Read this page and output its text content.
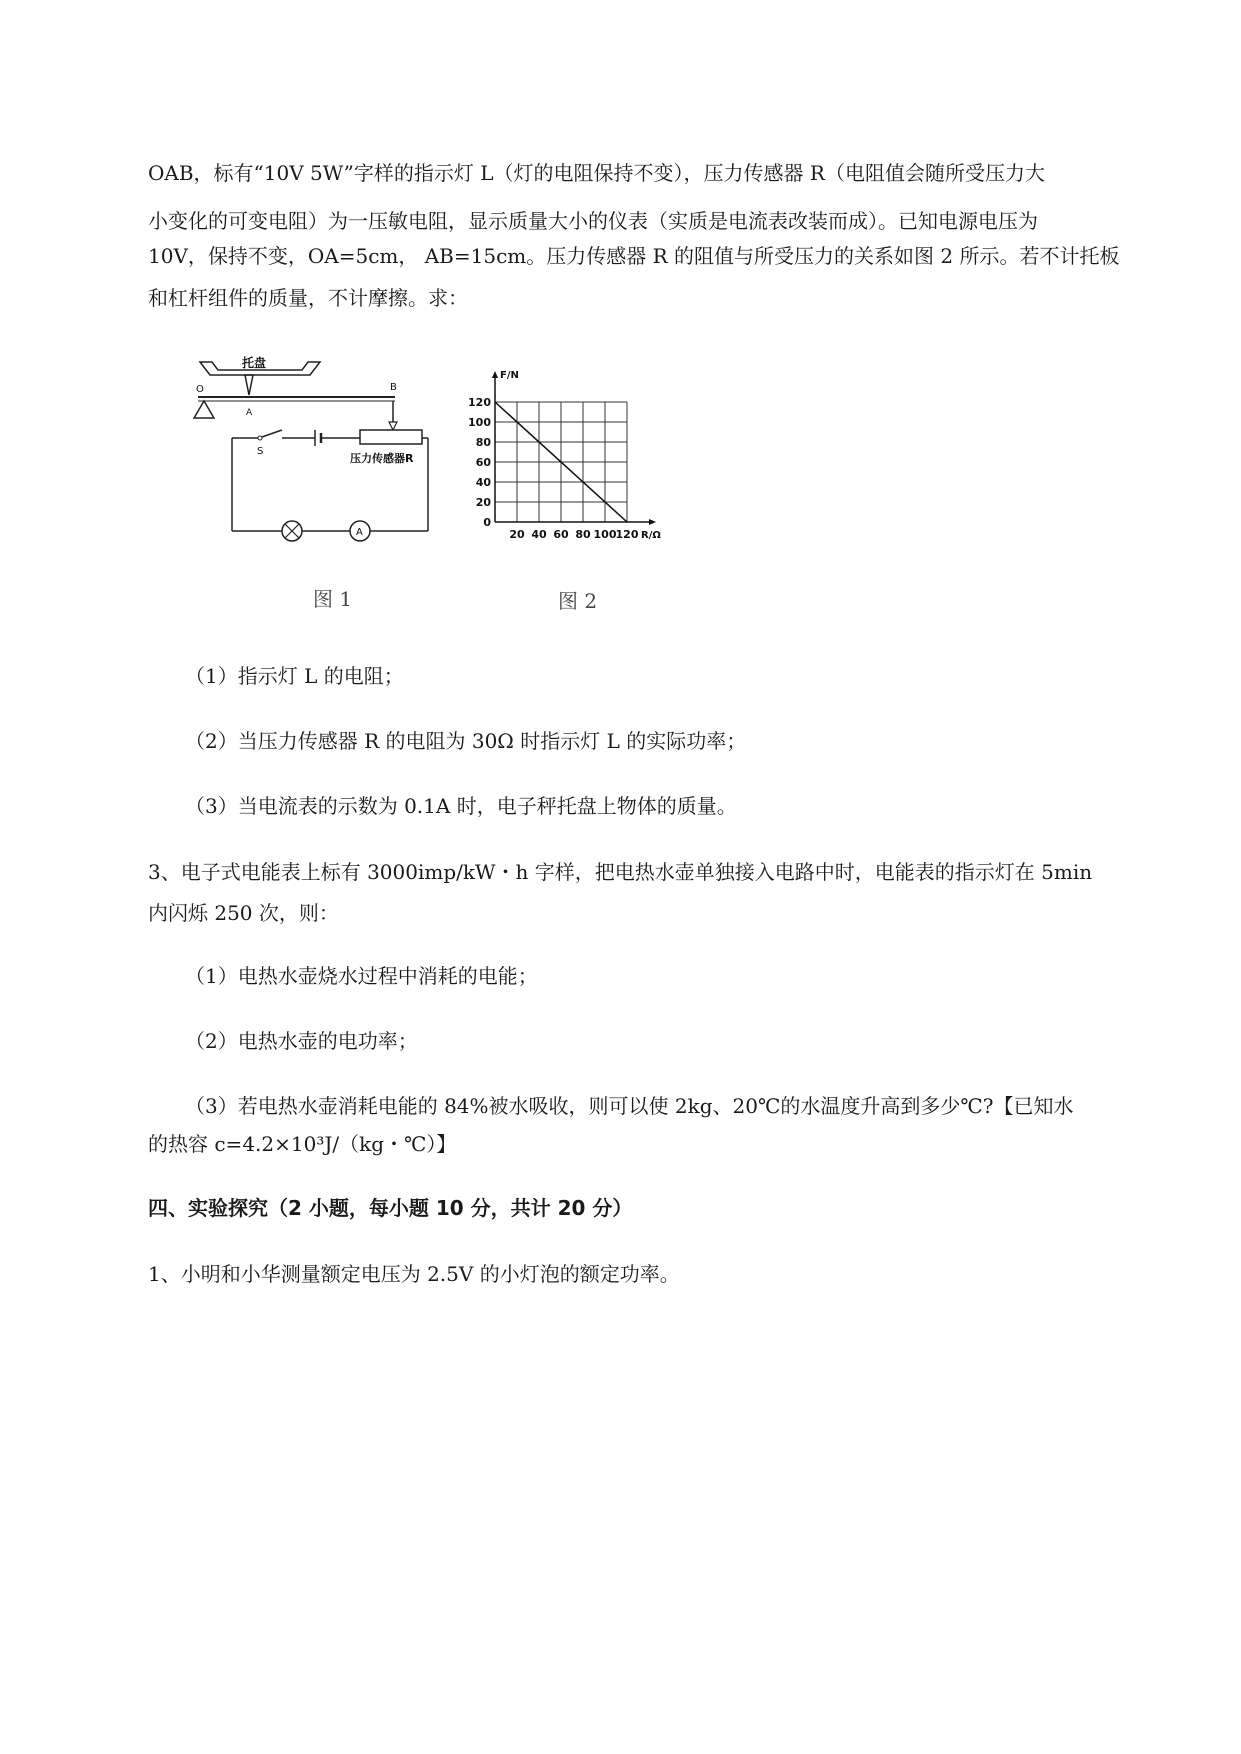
OAB，标有“10V 5W”字样的指示灯 L（灯的电阻保持不变），压力传感器 R（电阻值会随所受压力大
小变化的可变电阻）为一压敏电阻，显示质量大小的仪表（实质是电流表改装而成）。已知电源电压为
10V，保持不变，OA=5cm， AB=15cm。压力传感器 R 的阻值与所受压力的关系如图 2 所示。若不计托板
和杠杆组件的质量，不计摩擦。求：
托盘
O
A
B
压力传感器R
S
A
图 1
20 40 60 80 100 120
0
20
40
60
80
100
120
F/N
R/Ω
图 2
（1）指示灯 L 的电阻；
（2）当压力传感器 R 的电阻为 30Ω 时指示灯 L 的实际功率；
（3）当电流表的示数为 0.1A 时，电子秤托盘上物体的质量。
3、电子式电能表上标有 3000imp/kW・h 字样，把电热水壶单独接入电路中时，电能表的指示灯在 5min
内闪烁 250 次，则：
（1）电热水壶烧水过程中消耗的电能；
（2）电热水壶的电功率；
（3）若电热水壶消耗电能的 84%被水吸收，则可以使 2kg、20℃的水温度升高到多少℃?【已知水
的热容 c=4.2×10³J/（kg・℃）】
四、实验探究（2 小题，每小题 10 分，共计 20 分）
1、小明和小华测量额定电压为 2.5V 的小灯泡的额定功率。
